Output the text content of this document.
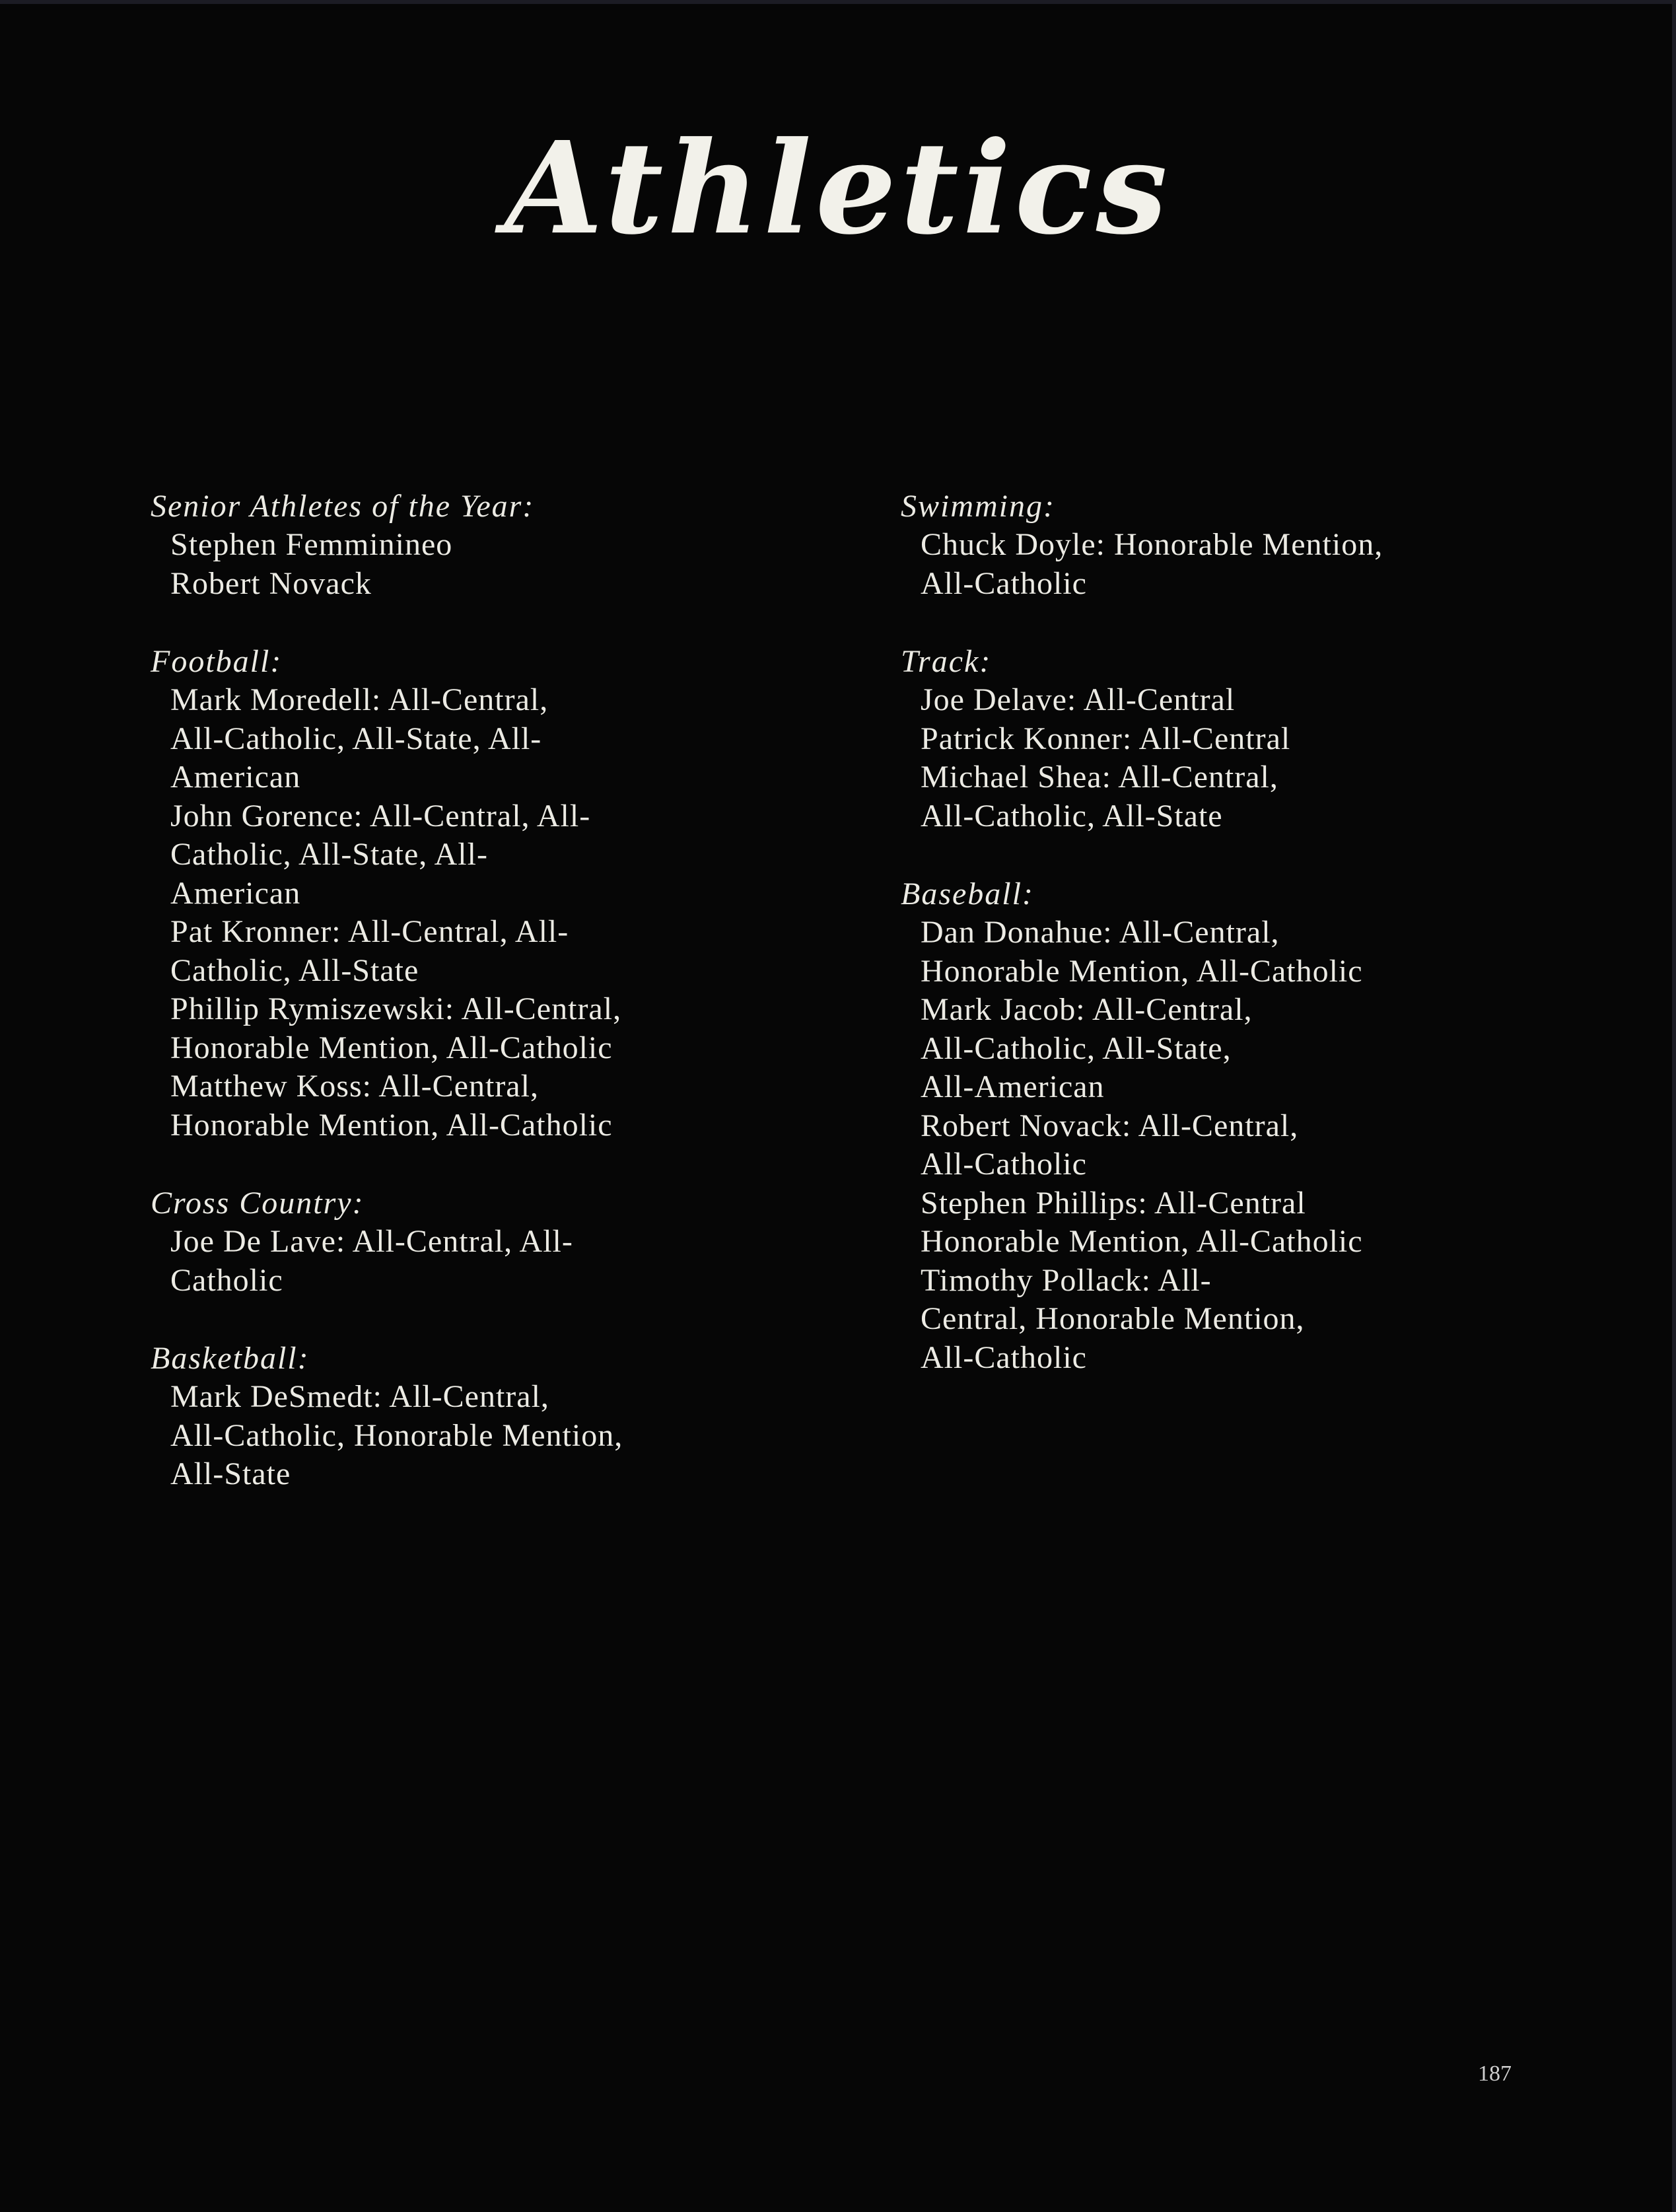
Athletics
Senior Athletes of the Year:
Stephen Femminineo
Robert Novack
Football:
Mark Moredell: All-Central,
All-Catholic, All-State, All-
American
John Gorence: All-Central, All-
Catholic, All-State, All-
American
Pat Kronner: All-Central, All-
Catholic, All-State
Phillip Rymiszewski: All-Central,
Honorable Mention, All-Catholic
Matthew Koss: All-Central,
Honorable Mention, All-Catholic
Cross Country:
Joe De Lave: All-Central, All-
Catholic
Basketball:
Mark DeSmedt: All-Central,
All-Catholic, Honorable Mention,
All-State
Swimming:
Chuck Doyle: Honorable Mention,
All-Catholic
Track:
Joe Delave: All-Central
Patrick Konner: All-Central
Michael Shea: All-Central,
All-Catholic, All-State
Baseball:
Dan Donahue: All-Central,
Honorable Mention, All-Catholic
Mark Jacob: All-Central,
All-Catholic, All-State,
All-American
Robert Novack: All-Central,
All-Catholic
Stephen Phillips: All-Central
Honorable Mention, All-Catholic
Timothy Pollack: All-
Central, Honorable Mention,
All-Catholic
187
